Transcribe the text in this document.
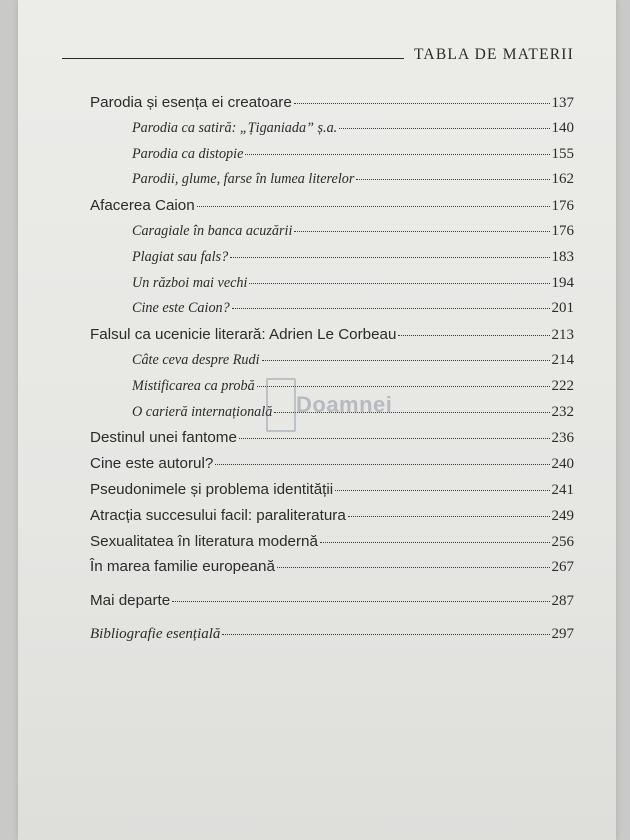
TABLA DE MATERII
Parodia și esența ei creatoare	137
Parodia ca satiră: „Țiganiada” ș.a.	140
Parodia ca distopie	155
Parodii, glume, farse în lumea literelor	162
Afacerea Caion	176
Caragiale în banca acuzării	176
Plagiat sau fals?	183
Un război mai vechi	194
Cine este Caion?	201
Falsul ca ucenicie literară: Adrien Le Corbeau	213
Câte ceva despre Rudi	214
Mistificarea ca probă	222
O carieră internațională	232
Destinul unei fantome	236
Cine este autorul?	240
Pseudonimele și problema identității	241
Atracția succesului facil: paraliteratura	249
Sexualitatea în literatura modernă	256
În marea familie europeană	267
Mai departe	287
Bibliografie esențială	297
Doamnei
